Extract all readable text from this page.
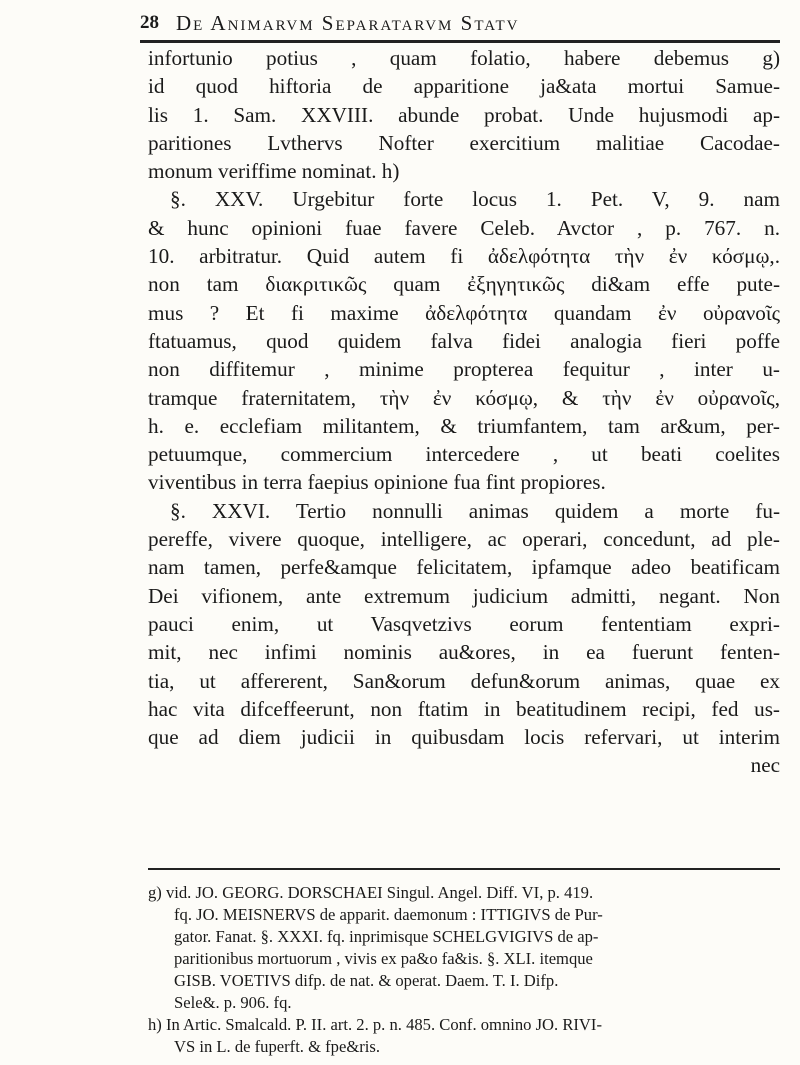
28 De Animarvm Separatarvm Statv
infortunio potius , quam folatio, habere debemus g)
id quod hiftoria de apparitione ja&ata mortui Samue-
lis 1. Sam. XXVIII. abunde probat. Unde hujusmodi ap-
paritiones Lvthervs Nofter exercitium malitiae Cacodae-
monum veriffime nominat. h)
§. XXV. Urgebitur forte locus 1. Pet. V, 9. nam
& hunc opinioni fuae favere Celeb. Avctor , p. 767. n.
10. arbitratur. Quid autem fi ἀδελφότητα τὴν ἐν κόσμῳ,.
non tam διακριτικῶς quam ἐξηγητικῶς di&am effe pute-
mus ? Et fi maxime ἀδελφότητα quandam ἐν οὐρανοῖς
ftatuamus, quod quidem falva fidei analogia fieri poffe
non diffitemur , minime propterea fequitur , inter u-
tramque fraternitatem, τὴν ἐν κόσμῳ, & τὴν ἐν οὐρανοῖς,
h. e. ecclefiam militantem, & triumfantem, tam ar&um, per-
petuumque, commercium intercedere , ut beati coelites
viventibus in terra faepius opinione fua fint propiores.
§. XXVI. Tertio nonnulli animas quidem a morte fu-
pereffe, vivere quoque, intelligere, ac operari, concedunt, ad ple-
nam tamen, perfe&amque felicitatem, ipfamque adeo beatificam
Dei vifionem, ante extremum judicium admitti, negant. Non
pauci enim, ut Vasqvetzivs eorum fententiam expri-
mit, nec infimi nominis au&ores, in ea fuerunt fenten-
tia, ut affererent, San&orum defun&orum animas, quae ex
hac vita difceffeerunt, non ftatim in beatitudinem recipi, fed us-
que ad diem judicii in quibusdam locis refervari, ut interim
nec
g) vid. JO. GEORG. DORSCHAEI Singul. Angel. Diff. VI, p. 419.
fq. JO. MEISNERVS de apparit. daemonum : ITTIGIVS de Pur-
gator. Fanat. §. XXXI. fq. inprimisque SCHELGVIGIVS de ap-
paritionibus mortuorum , vivis ex pa&o fa&is. §. XLI. itemque
GISB. VOETIVS difp. de nat. & operat. Daem. T. I. Difp.
Sele&. p. 906. fq.
h) In Artic. Smalcald. P. II. art. 2. p. n. 485. Conf. omnino JO. RIVI-
VS in L. de fuperft. & fpe&ris.
